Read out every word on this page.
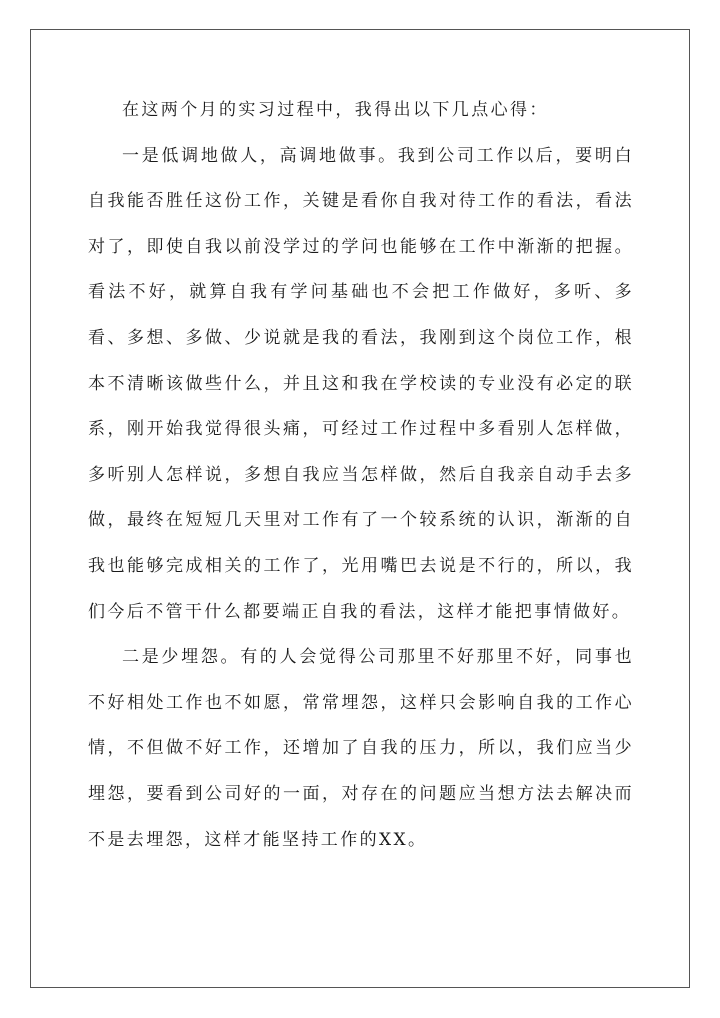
在这两个月的实习过程中，我得出以下几点心得：

一是低调地做人，高调地做事。我到公司工作以后，要明白自我能否胜任这份工作，关键是看你自我对待工作的看法，看法对了，即使自我以前没学过的学问也能够在工作中渐渐的把握。看法不好，就算自我有学问基础也不会把工作做好，多听、多看、多想、多做、少说就是我的看法，我刚到这个岗位工作，根本不清晰该做些什么，并且这和我在学校读的专业没有必定的联系，刚开始我觉得很头痛，可经过工作过程中多看别人怎样做，多听别人怎样说，多想自我应当怎样做，然后自我亲自动手去多做，最终在短短几天里对工作有了一个较系统的认识，渐渐的自我也能够完成相关的工作了，光用嘴巴去说是不行的，所以，我们今后不管干什么都要端正自我的看法，这样才能把事情做好。

二是少埋怨。有的人会觉得公司那里不好那里不好，同事也不好相处工作也不如愿，常常埋怨，这样只会影响自我的工作心情，不但做不好工作，还增加了自我的压力，所以，我们应当少埋怨，要看到公司好的一面，对存在的问题应当想方法去解决而不是去埋怨，这样才能坚持工作的XX。
